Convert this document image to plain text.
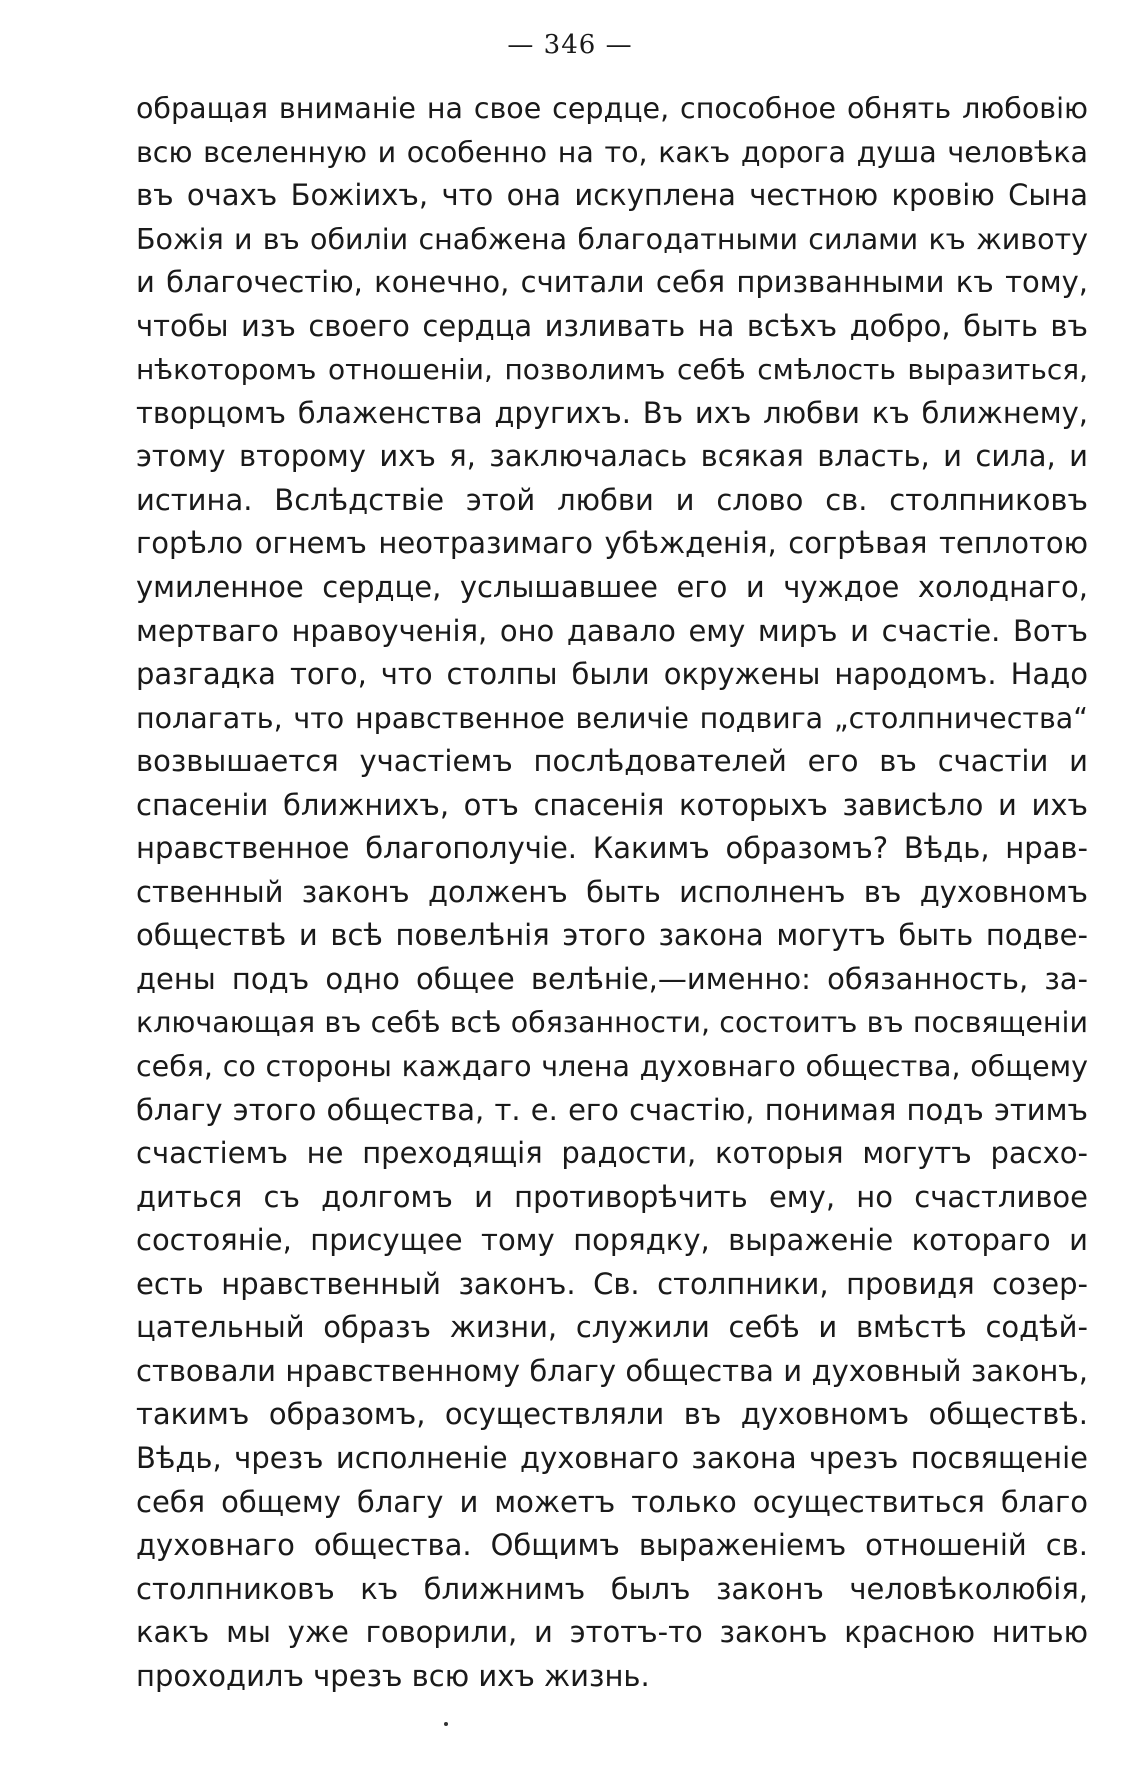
— 346 —
обращая вниманіе на свое сердце, способное обнять любовію
всю вселенную и особенно на то, какъ дорога душа человѣка
въ очахъ Божіихъ, что она искуплена честною кровію Сына
Божія и въ обиліи снабжена благодатными силами къ животу
и благочестію, конечно, считали себя призванными къ тому,
чтобы изъ своего сердца изливать на всѣхъ добро, быть въ
нѣкоторомъ отношеніи, позволимъ себѣ смѣлость выразиться,
творцомъ блаженства другихъ. Въ ихъ любви къ ближнему,
этому второму ихъ я, заключалась всякая власть, и сила, и
истина. Вслѣдствіе этой любви и слово св. столпниковъ
горѣло огнемъ неотразимаго убѣжденія, согрѣвая теплотою
умиленное сердце, услышавшее его и чуждое холоднаго,
мертваго нравоученія, оно давало ему миръ и счастіе. Вотъ
разгадка того, что столпы были окружены народомъ. Надо
полагать, что нравственное величіе подвига „столпничества“
возвышается участіемъ послѣдователей его въ счастіи и
спасеніи ближнихъ, отъ спасенія которыхъ зависѣло и ихъ
нравственное благополучіе. Какимъ образомъ? Вѣдь, нрав-
ственный законъ долженъ быть исполненъ въ духовномъ
обществѣ и всѣ повелѣнія этого закона могутъ быть подве-
дены подъ одно общее велѣніе,—именно: обязанность, за-
ключающая въ себѣ всѣ обязанности, состоитъ въ посвященіи
себя, со стороны каждаго члена духовнаго общества, общему
благу этого общества, т. е. его счастію, понимая подъ этимъ
счастіемъ не преходящія радости, которыя могутъ расхо-
диться съ долгомъ и противорѣчить ему, но счастливое
состояніе, присущее тому порядку, выраженіе котораго и
есть нравственный законъ. Св. столпники, провидя созер-
цательный образъ жизни, служили себѣ и вмѣстѣ содѣй-
ствовали нравственному благу общества и духовный законъ,
такимъ образомъ, осуществляли въ духовномъ обществѣ.
Вѣдь, чрезъ исполненіе духовнаго закона чрезъ посвященіе
себя общему благу и можетъ только осуществиться благо
духовнаго общества. Общимъ выраженіемъ отношеній св.
столпниковъ къ ближнимъ былъ законъ человѣколюбія,
какъ мы уже говорили, и этотъ-то законъ красною нитью
проходилъ чрезъ всю ихъ жизнь.
